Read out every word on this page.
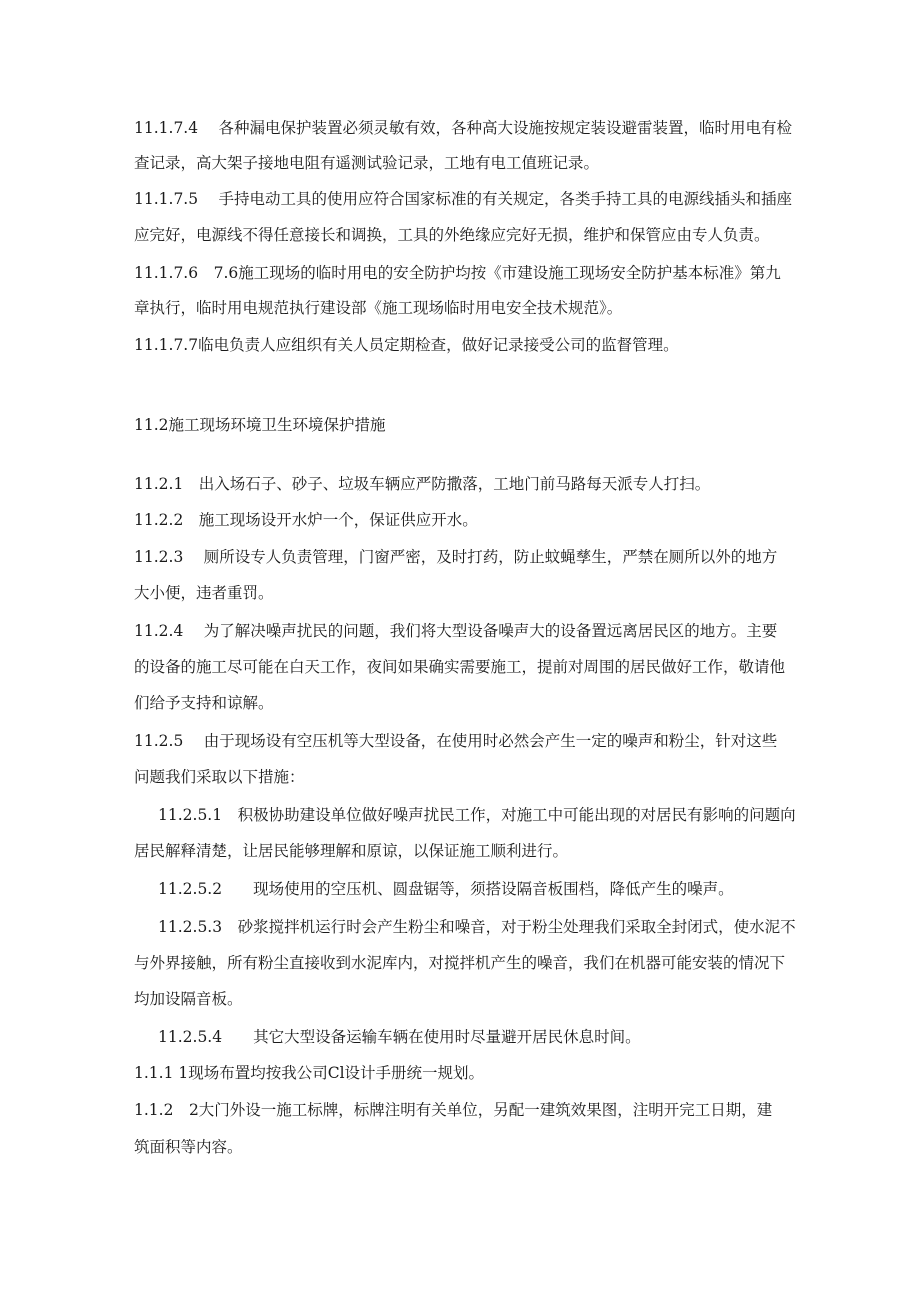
11.1.7.4　 各种漏电保护装置必须灵敏有效，各种高大设施按规定装设避雷装置，临时用电有检

查记录，高大架子接地电阻有遥测试验记录，工地有电工值班记录。

11.1.7.5　 手持电动工具的使用应符合国家标准的有关规定，各类手持工具的电源线插头和插座

应完好，电源线不得任意接长和调换，工具的外绝缘应完好无损，维护和保管应由专人负责。

11.1.7.6　7.6施工现场的临时用电的安全防护均按《市建设施工现场安全防护基本标准》第九

章执行，临时用电规范执行建设部《施工现场临时用电安全技术规范》。

11.1.7.7临电负责人应组织有关人员定期检查，做好记录接受公司的监督管理。

11.2施工现场环境卫生环境保护措施

11.2.1　出入场石子、砂子、垃圾车辆应严防撒落，工地门前马路每天派专人打扫。

11.2.2　施工现场设开水炉一个，保证供应开水。

11.2.3　 厕所设专人负责管理，门窗严密，及时打药，防止蚊蝇孳生，严禁在厕所以外的地方

大小便，违者重罚。

11.2.4　 为了解决噪声扰民的问题，我们将大型设备噪声大的设备置远离居民区的地方。主要

的设备的施工尽可能在白天工作，夜间如果确实需要施工，提前对周围的居民做好工作，敬请他

们给予支持和谅解。

11.2.5　 由于现场设有空压机等大型设备，在使用时必然会产生一定的噪声和粉尘，针对这些

问题我们采取以下措施：

11.2.5.1　积极协助建设单位做好噪声扰民工作，对施工中可能出现的对居民有影响的问题向

居民解释清楚，让居民能够理解和原谅，以保证施工顺利进行。

11.2.5.2　　现场使用的空压机、圆盘锯等，须搭设隔音板围档，降低产生的噪声。

11.2.5.3　砂浆搅拌机运行时会产生粉尘和噪音，对于粉尘处理我们采取全封闭式，使水泥不

与外界接触，所有粉尘直接收到水泥库内，对搅拌机产生的噪音，我们在机器可能安装的情况下

均加设隔音板。

11.2.5.4　　其它大型设备运输车辆在使用时尽量避开居民休息时间。

1.1.1 1现场布置均按我公司Cl设计手册统一规划。

1.1.2　2大门外设一施工标牌，标牌注明有关单位，另配一建筑效果图，注明开完工日期，建

筑面积等内容。
